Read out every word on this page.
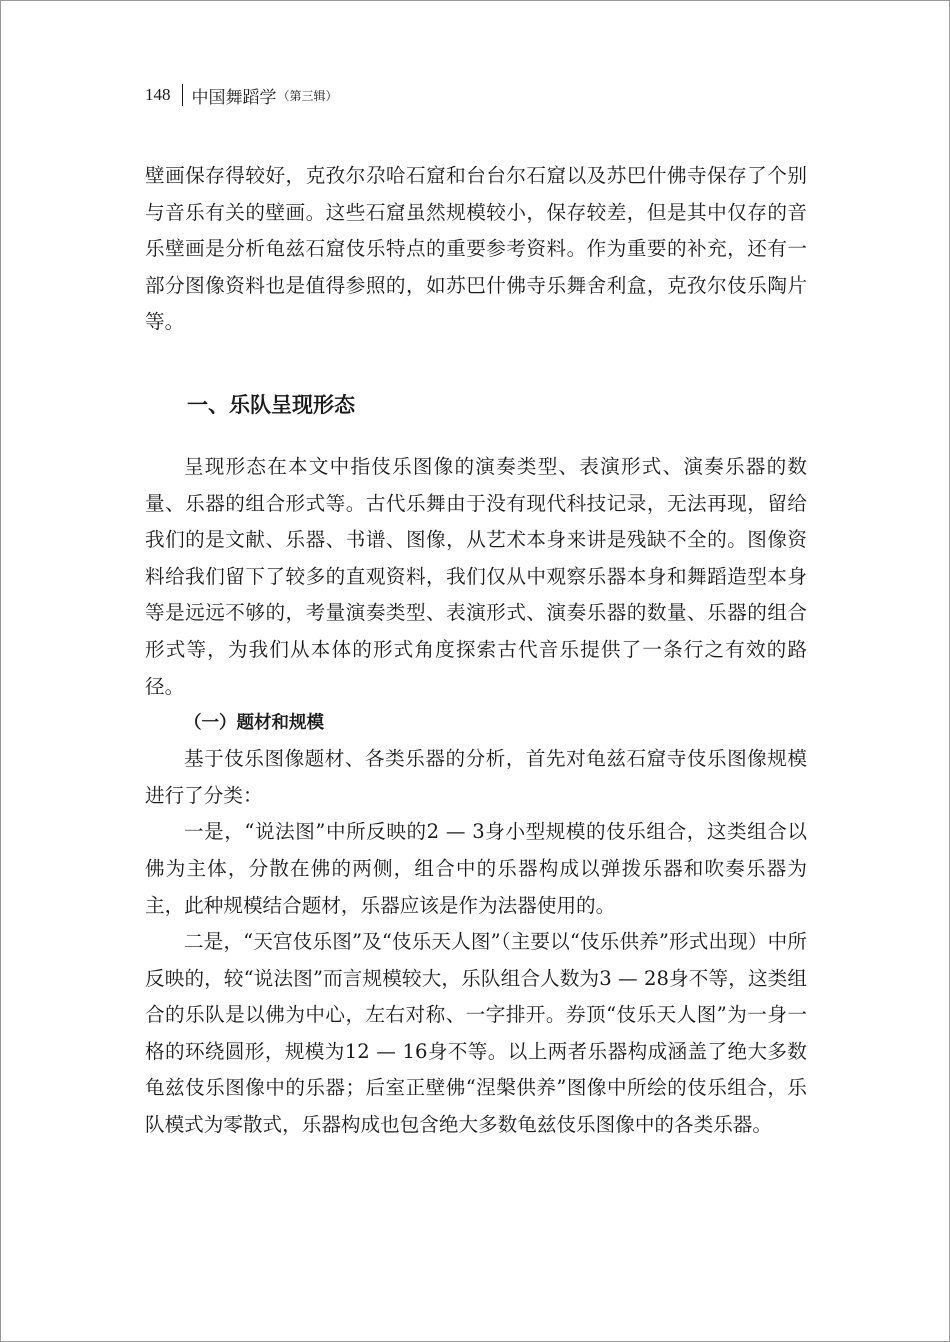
148 中国舞蹈学 （第三辑）

壁画保存得较好，克孜尔尕哈石窟和台台尔石窟以及苏巴什佛寺保存了个别与音乐有关的壁画。这些石窟虽然规模较小，保存较差，但是其中仅存的音乐壁画是分析龟兹石窟伎乐特点的重要参考资料。作为重要的补充，还有一部分图像资料也是值得参照的，如苏巴什佛寺乐舞舍利盒，克孜尔伎乐陶片等。

一、乐队呈现形态

呈现形态在本文中指伎乐图像的演奏类型、表演形式、演奏乐器的数量、乐器的组合形式等。古代乐舞由于没有现代科技记录，无法再现，留给我们的是文献、乐器、书谱、图像，从艺术本身来讲是残缺不全的。图像资料给我们留下了较多的直观资料，我们仅从中观察乐器本身和舞蹈造型本身等是远远不够的，考量演奏类型、表演形式、演奏乐器的数量、乐器的组合形式等，为我们从本体的形式角度探索古代音乐提供了一条行之有效的路径。

（一）题材和规模

基于伎乐图像题材、各类乐器的分析，首先对龟兹石窟寺伎乐图像规模进行了分类：

一是，“说法图”中所反映的2 — 3身小型规模的伎乐组合，这类组合以佛为主体，分散在佛的两侧，组合中的乐器构成以弹拨乐器和吹奏乐器为主，此种规模结合题材，乐器应该是作为法器使用的。

二是，“天宫伎乐图”及“伎乐天人图”（主要以“伎乐供养”形式出现）中所反映的，较“说法图”而言规模较大，乐队组合人数为3 — 28身不等，这类组合的乐队是以佛为中心，左右对称、一字排开。券顶“伎乐天人图”为一身一格的环绕圆形，规模为12 — 16身不等。以上两者乐器构成涵盖了绝大多数龟兹伎乐图像中的乐器；后室正壁佛“涅槃供养”图像中所绘的伎乐组合，乐队模式为零散式，乐器构成也包含绝大多数龟兹伎乐图像中的各类乐器。
